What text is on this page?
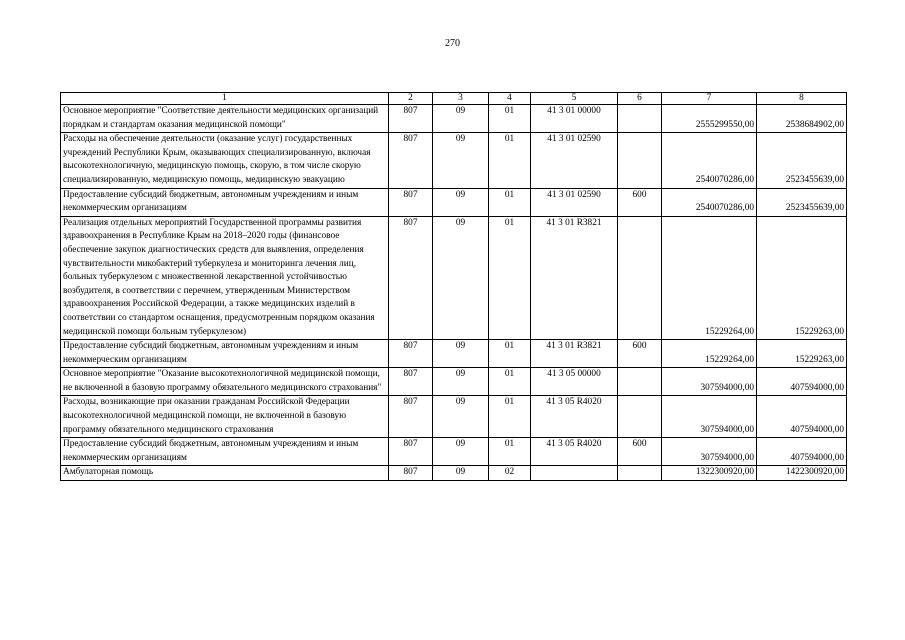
270
1	2	3	4	5	6	7	8
Основное мероприятие "Соответствие деятельности медицинских организаций порядкам и стандартам оказания медицинской помощи"	807	09	01	41 3 01 00000		2555299550,00	2538684902,00
Расходы на обеспечение деятельности (оказание услуг) государственных учреждений Республики Крым, оказывающих специализированную, включая высокотехнологичную, медицинскую помощь, скорую, в том числе скорую специализированную, медицинскую помощь, медицинскую эвакуацию	807	09	01	41 3 01 02590		2540070286,00	2523455639,00
Предоставление субсидий бюджетным, автономным учреждениям и иным некоммерческим организациям	807	09	01	41 3 01 02590	600	2540070286,00	2523455639,00
Реализация отдельных мероприятий Государственной программы развития здравоохранения в Республике Крым на 2018–2020 годы (финансовое обеспечение закупок диагностических средств для выявления, определения чувствительности микобактерий туберкулеза и мониторинга лечения лиц, больных туберкулезом с множественной лекарственной устойчивостью возбудителя, в соответствии с перечнем, утвержденным Министерством здравоохранения Российской Федерации, а также медицинских изделий в соответствии со стандартом оснащения, предусмотренным порядком оказания медицинской помощи больным туберкулезом)	807	09	01	41 3 01 R3821		15229264,00	15229263,00
Предоставление субсидий бюджетным, автономным учреждениям и иным некоммерческим организациям	807	09	01	41 3 01 R3821	600	15229264,00	15229263,00
Основное мероприятие "Оказание высокотехнологичной медицинской помощи, не включенной в базовую программу обязательного медицинского страхования"	807	09	01	41 3 05 00000		307594000,00	407594000,00
Расходы, возникающие при оказании гражданам Российской Федерации высокотехнологичной медицинской помощи, не включенной в базовую программу обязательного медицинского страхования	807	09	01	41 3 05 R4020		307594000,00	407594000,00
Предоставление субсидий бюджетным, автономным учреждениям и иным некоммерческим организациям	807	09	01	41 3 05 R4020	600	307594000,00	407594000,00
Амбулаторная помощь	807	09	02			1322300920,00	1422300920,00
